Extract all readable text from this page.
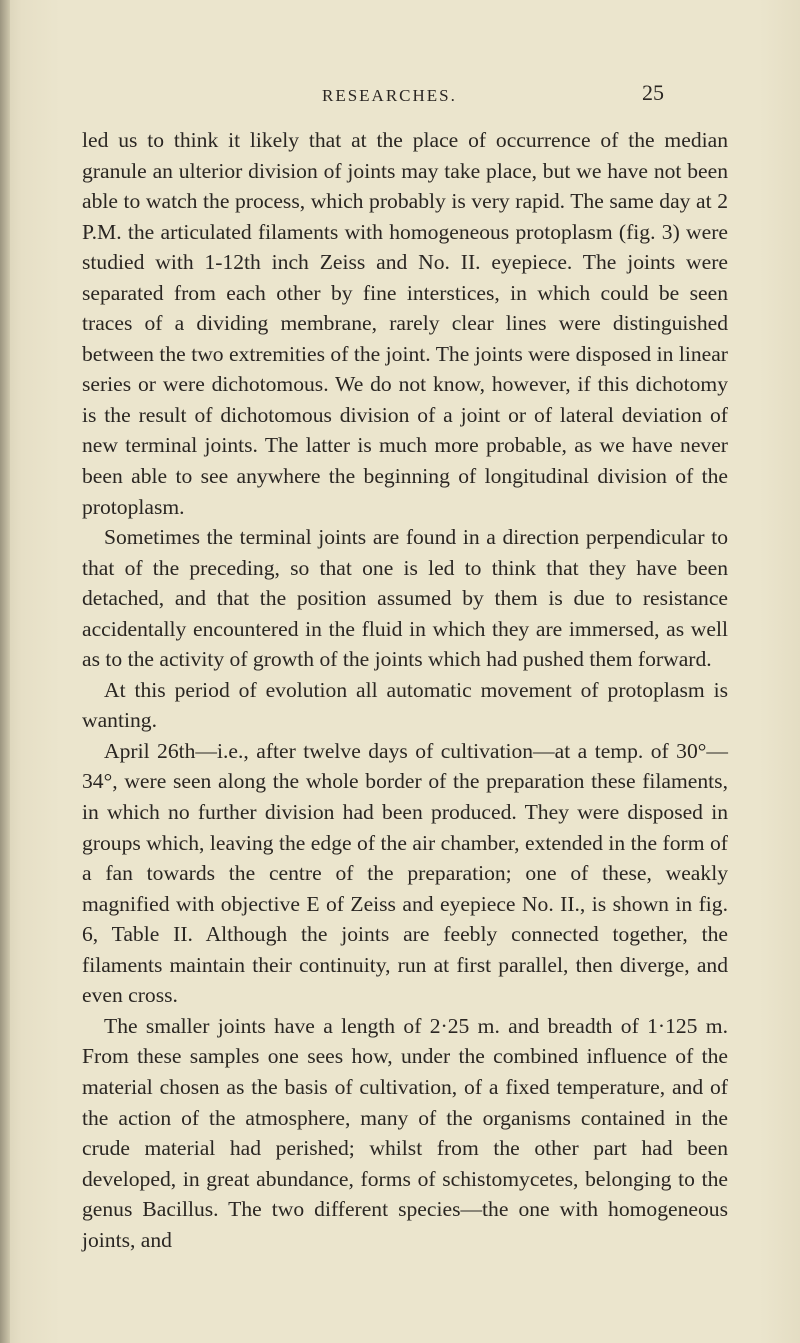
RESEARCHES.	25

led us to think it likely that at the place of occurrence of the median granule an ulterior division of joints may take place, but we have not been able to watch the process, which probably is very rapid. The same day at 2 P.M. the articulated filaments with homogeneous protoplasm (fig. 3) were studied with 1-12th inch Zeiss and No. II. eyepiece. The joints were separated from each other by fine interstices, in which could be seen traces of a dividing membrane, rarely clear lines were distinguished between the two extremities of the joint. The joints were disposed in linear series or were dichotomous. We do not know, however, if this dichotomy is the result of dichotomous division of a joint or of lateral deviation of new terminal joints. The latter is much more probable, as we have never been able to see anywhere the beginning of longitudinal division of the protoplasm.

Sometimes the terminal joints are found in a direction perpendicular to that of the preceding, so that one is led to think that they have been detached, and that the position assumed by them is due to resistance accidentally encountered in the fluid in which they are immersed, as well as to the activity of growth of the joints which had pushed them forward.

At this period of evolution all automatic movement of protoplasm is wanting.

April 26th—i.e., after twelve days of cultivation—at a temp. of 30°—34°, were seen along the whole border of the preparation these filaments, in which no further division had been produced. They were disposed in groups which, leaving the edge of the air chamber, extended in the form of a fan towards the centre of the preparation; one of these, weakly magnified with objective E of Zeiss and eyepiece No. II., is shown in fig. 6, Table II. Although the joints are feebly connected together, the filaments maintain their continuity, run at first parallel, then diverge, and even cross.

The smaller joints have a length of 2·25 m. and breadth of 1·125 m. From these samples one sees how, under the combined influence of the material chosen as the basis of cultivation, of a fixed temperature, and of the action of the atmosphere, many of the organisms contained in the crude material had perished; whilst from the other part had been developed, in great abundance, forms of schistomycetes, belonging to the genus Bacillus. The two different species—the one with homogeneous joints, and
